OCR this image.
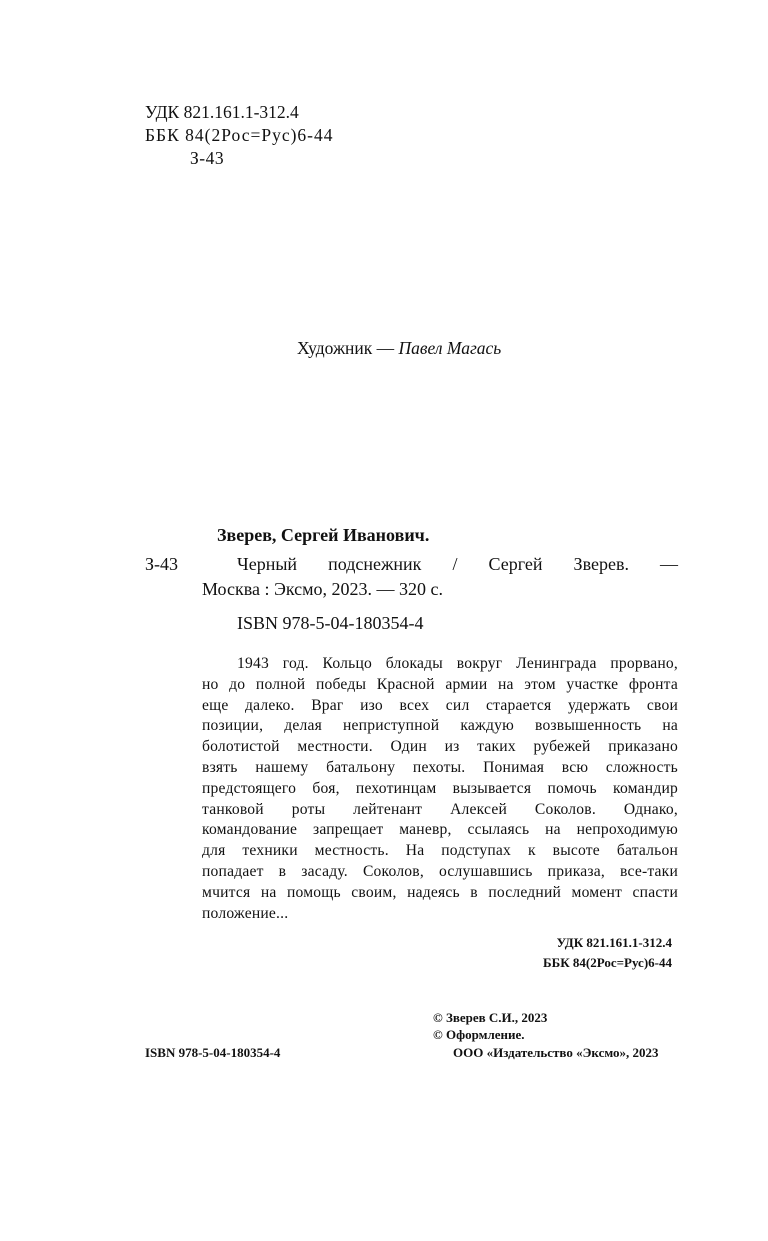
УДК 821.161.1-312.4
ББК 84(2Рос=Рус)6-44
З-43
Художник — Павел Магась
Зверев, Сергей Иванович.
З-43	Черный подснежник / Сергей Зверев. —
Москва : Эксмо, 2023. — 320 с.
ISBN 978-5-04-180354-4
1943 год. Кольцо блокады вокруг Ленинграда прорвано,
но до полной победы Красной армии на этом участке фронта
еще далеко. Враг изо всех сил старается удержать свои
позиции, делая неприступной каждую возвышенность на
болотистой местности. Один из таких рубежей приказано
взять нашему батальону пехоты. Понимая всю сложность
предстоящего боя, пехотинцам вызывается помочь командир
танковой роты лейтенант Алексей Соколов. Однако,
командование запрещает маневр, ссылаясь на непроходимую
для техники местность. На подступах к высоте батальон
попадает в засаду. Соколов, ослушавшись приказа, все-таки
мчится на помощь своим, надеясь в последний момент спасти
положение...
УДК 821.161.1-312.4
ББК 84(2Рос=Рус)6-44
© Зверев С.И., 2023
© Оформление.
ООО «Издательство «Эксмо», 2023
ISBN 978-5-04-180354-4
